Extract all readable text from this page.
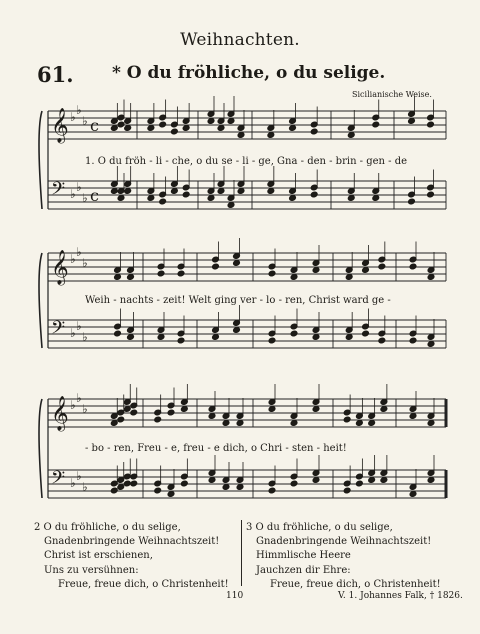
Weihnachten.
61. * O du fröhliche, o du selige.
Sicilianische Weise.
𝄞 ♭ ♭
♭ c
𝄢 ♭ ♭
♭ c
𝄞 ♭ ♭
♭
𝄢 ♭ ♭
♭
𝄞 ♭ ♭
♭
𝄢 ♭ ♭
♭
1. O du fröh - li - che, o du se - li - ge, Gna - den - brin - gen - de
Weih - nachts - zeit! Welt ging ver - lo - ren, Christ ward ge -
- bo - ren, Freu - e, freu - e dich, o Chri - sten - heit!
2 O du fröhliche, o du selige,
Gnadenbringende Weihnachtszeit!
Christ ist erschienen,
Uns zu versühnen:
Freue, freue dich, o Christenheit!
3 O du fröhliche, o du selige,
Gnadenbringende Weihnachtszeit!
Himmlische Heere
Jauchzen dir Ehre:
Freue, freue dich, o Christenheit!
110	V. 1. Johannes Falk, † 1826.
